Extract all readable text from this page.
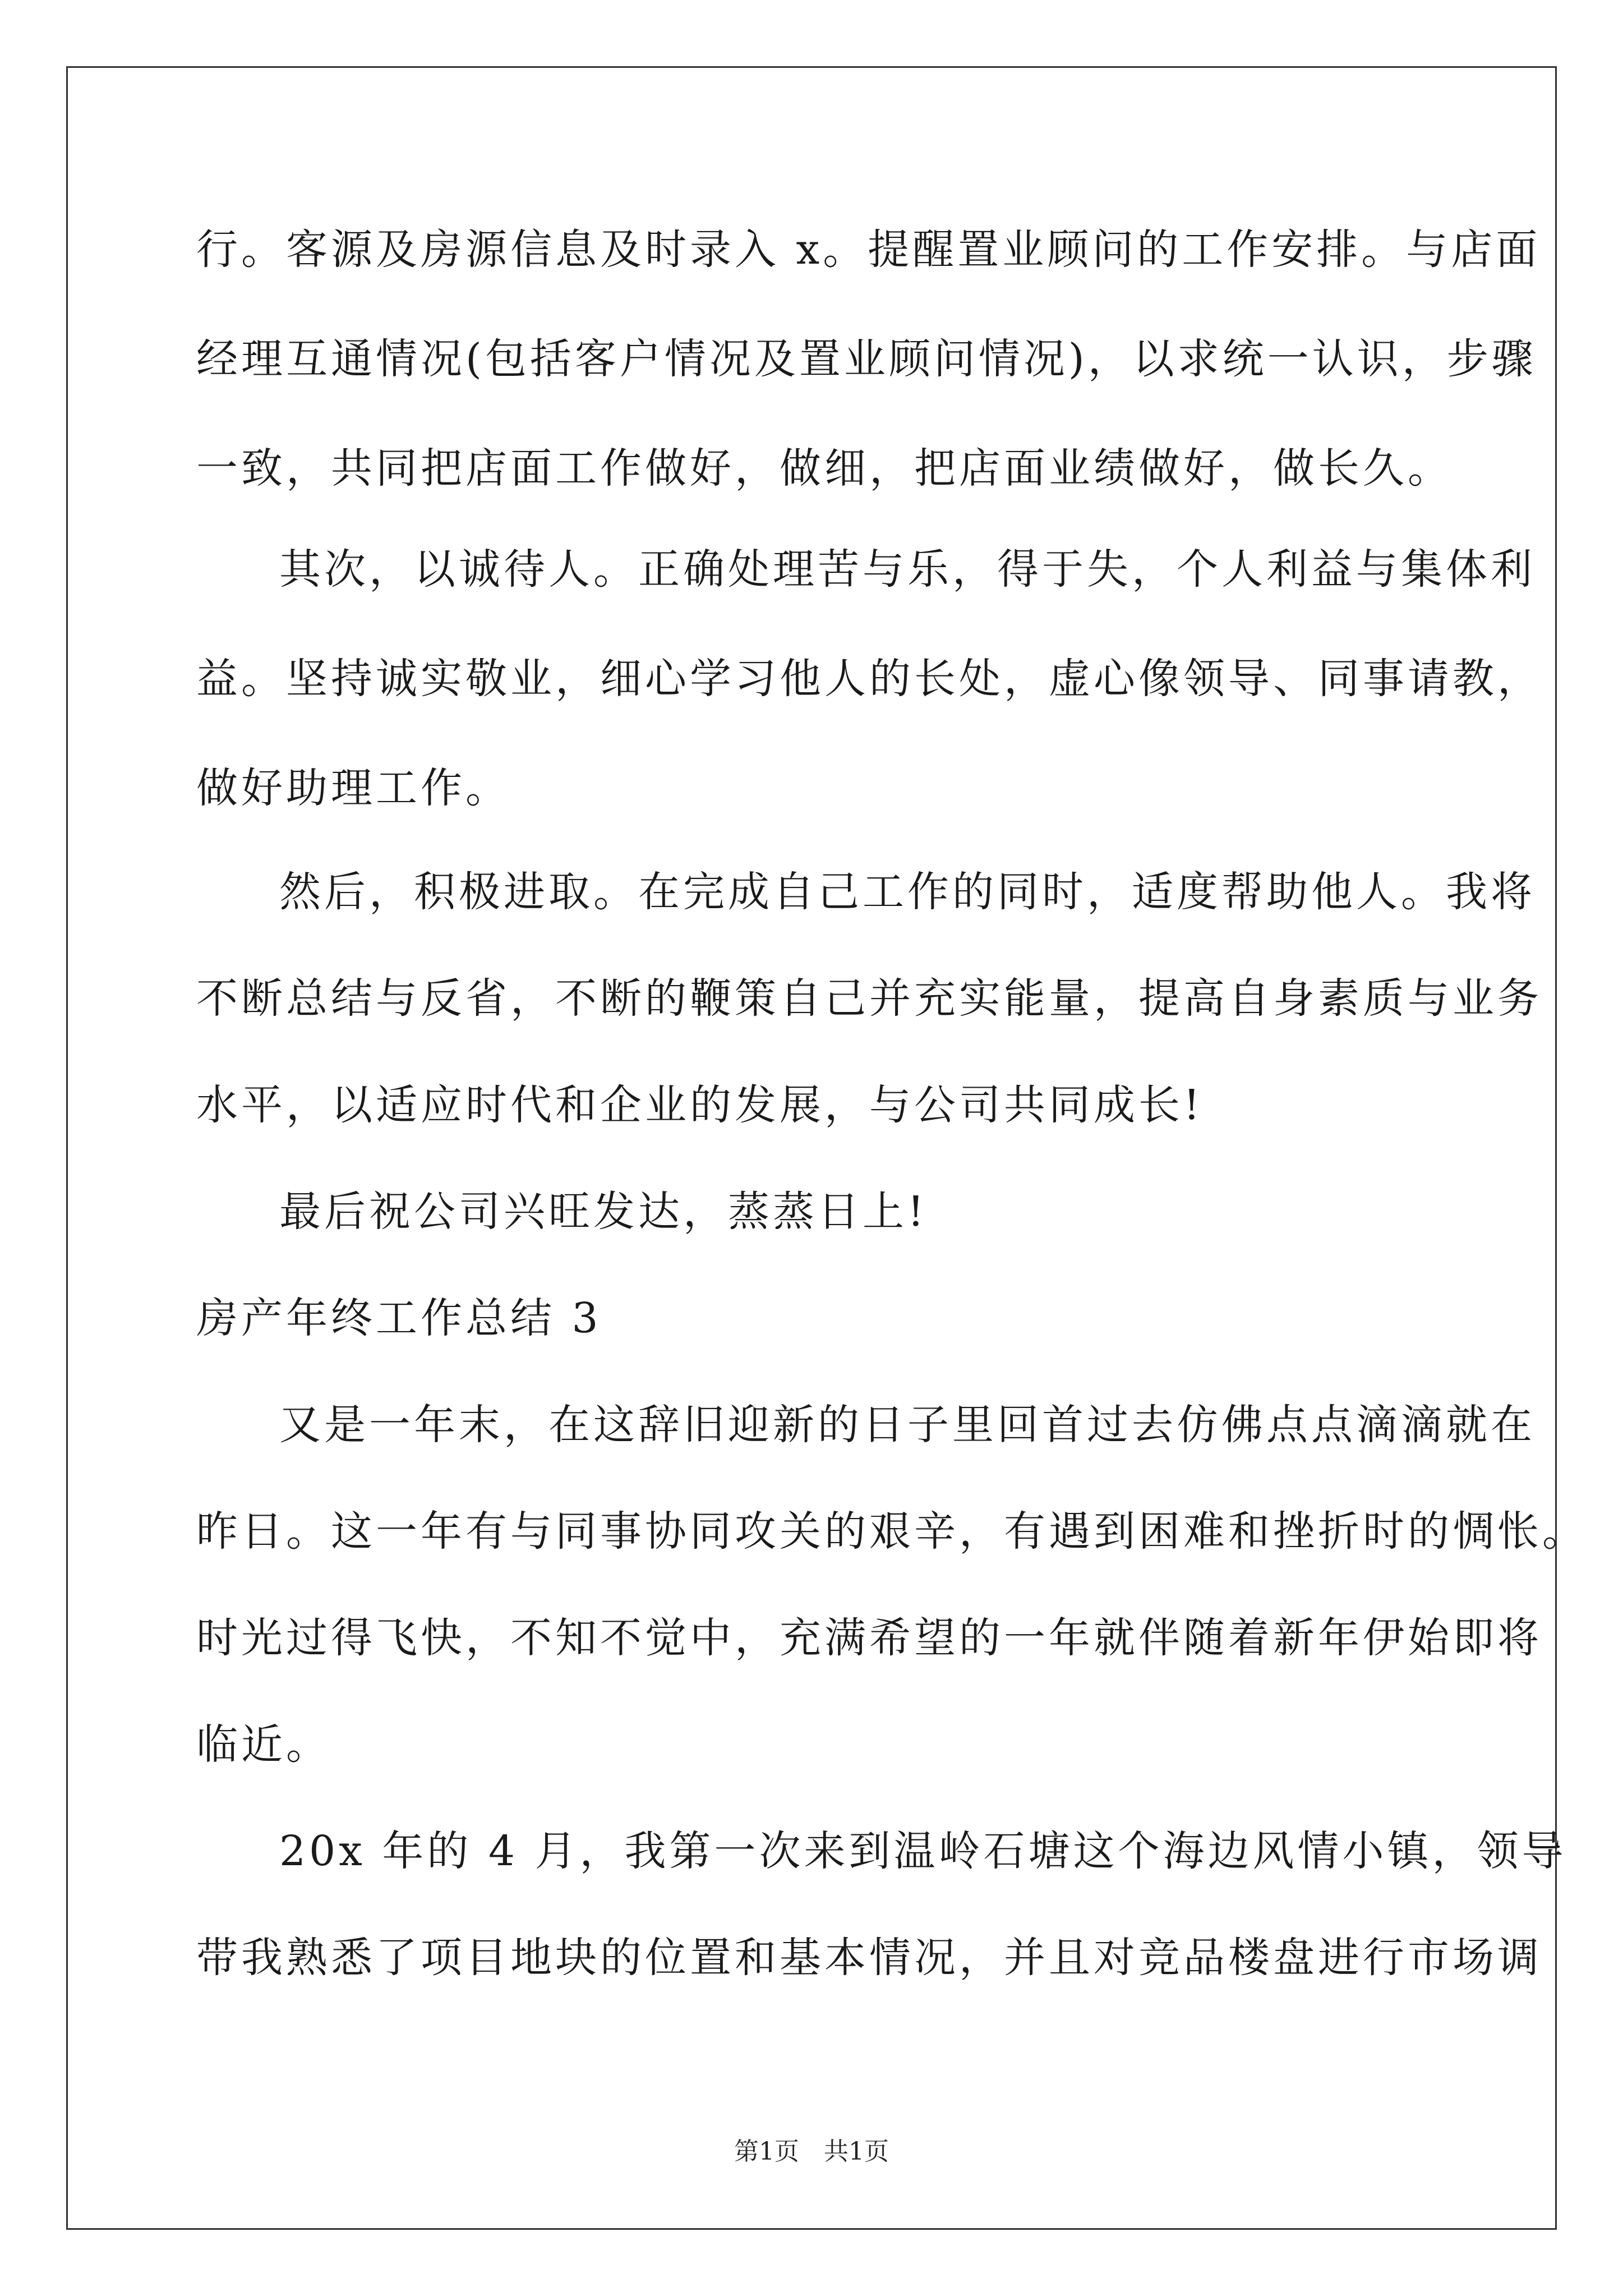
行。客源及房源信息及时录入 x。提醒置业顾问的工作安排。与店面
经理互通情况(包括客户情况及置业顾问情况)，以求统一认识，步骤
一致，共同把店面工作做好，做细，把店面业绩做好，做长久。
其次，以诚待人。正确处理苦与乐，得于失，个人利益与集体利
益。坚持诚实敬业，细心学习他人的长处，虚心像领导、同事请教，
做好助理工作。
然后，积极进取。在完成自己工作的同时，适度帮助他人。我将
不断总结与反省，不断的鞭策自己并充实能量，提高自身素质与业务
水平，以适应时代和企业的发展，与公司共同成长!
最后祝公司兴旺发达，蒸蒸日上!
房产年终工作总结 3
又是一年末，在这辞旧迎新的日子里回首过去仿佛点点滴滴就在
昨日。这一年有与同事协同攻关的艰辛，有遇到困难和挫折时的惆怅。
时光过得飞快，不知不觉中，充满希望的一年就伴随着新年伊始即将
临近。
20x 年的 4 月，我第一次来到温岭石塘这个海边风情小镇，领导
带我熟悉了项目地块的位置和基本情况，并且对竞品楼盘进行市场调
第1页　共1页
